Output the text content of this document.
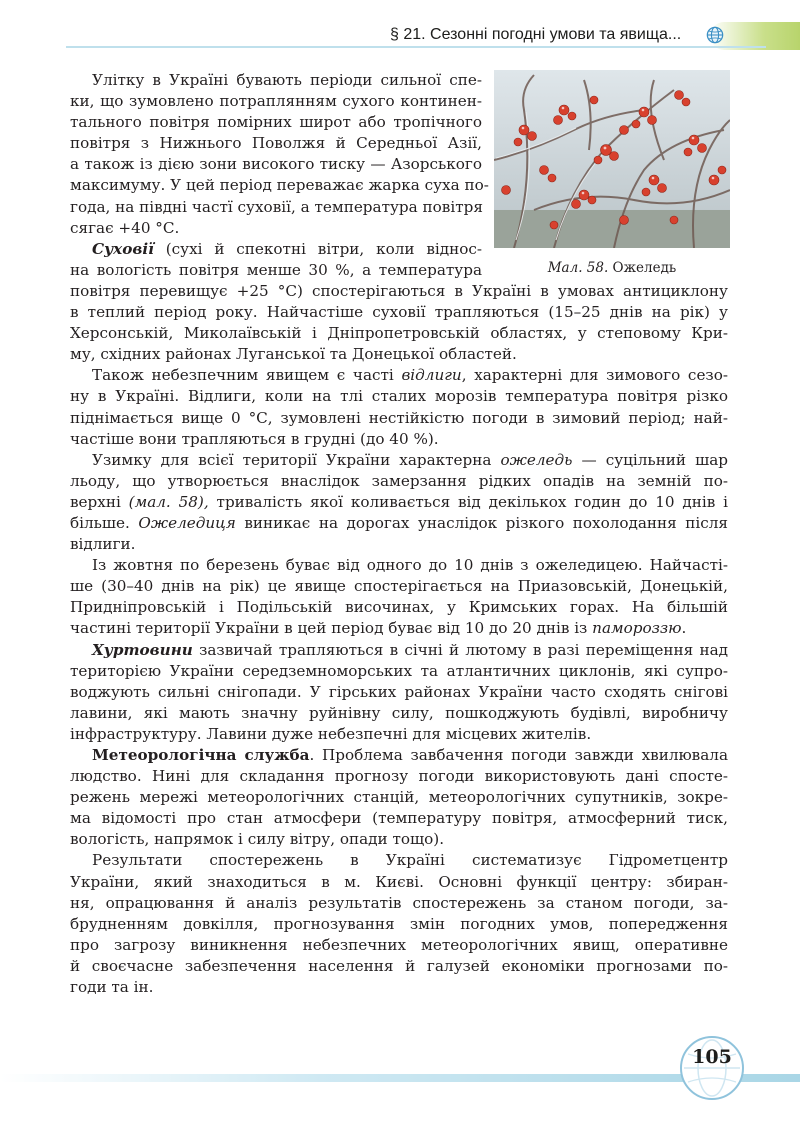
§ 21. Сезонні погодні умови та явища...
Мал. 58. Ожеледь
Улітку в Україні бувають періоди сильної спе-
ки, що зумовлено потраплянням сухого континен-
тального повітря помірних широт або тропічного
повітря з Нижнього Поволжя й Середньої Азії,
а також із дією зони високого тиску — Азорського
максимуму. У цей період переважає жарка суха по-
года, на півдні частї суховії, а температура повітря
сягає +40 °С.
Суховії (сухі й спекотні вітри, коли віднос-
на вологість повітря менше 30 %, а температура
повітря перевищує +25 °С) спостерігаються в Україні в умовах антициклону
в теплий період року. Найчастіше суховії трапляються (15–25 днів на рік) у
Херсонській, Миколаївській і Дніпропетровській областях, у степовому Кри-
му, східних районах Луганської та Донецької областей.
Також небезпечним явищем є часті відлиги, характерні для зимового сезо-
ну в Україні. Відлиги, коли на тлі сталих морозів температура повітря різко
піднімається вище 0 °С, зумовлені нестійкістю погоди в зимовий період; най-
частіше вони трапляються в грудні (до 40 %).
Узимку для всієї території України характерна ожеледь — суцільний шар
льоду, що утворюється внаслідок замерзання рідких опадів на земній по-
верхні (мал. 58), тривалість якої коливається від декількох годин до 10 днів і
більше. Ожеледиця виникає на дорогах унаслідок різкого похолодання після
відлиги.
Із жовтня по березень буває від одного до 10 днів з ожеледицею. Найчасті-
ше (30–40 днів на рік) це явище спостерігається на Приазовській, Донецькій,
Придніпровській і Подільській височинах, у Кримських горах. На більшій
частині території України в цей період буває від 10 до 20 днів із памороззю.
Хуртовини зазвичай трапляються в січні й лютому в разі переміщення над
територією України середземноморських та атлантичних циклонів, які супро-
воджують сильні снігопади. У гірських районах України часто сходять снігові
лавини, які мають значну руйнівну силу, пошкоджують будівлі, виробничу
інфраструктуру. Лавини дуже небезпечні для місцевих жителів.
Метеорологічна служба. Проблема завбачення погоди завжди хвилювала
людство. Нині для складання прогнозу погоди використовують дані спосте-
режень мережі метеорологічних станцій, метеорологічних супутників, зокре-
ма відомості про стан атмосфери (температуру повітря, атмосферний тиск,
вологість, напрямок і силу вітру, опади тощо).
Результати спостережень в Україні систематизує Гідрометцентр
України, який знаходиться в м. Києві. Основні функції центру: збиран-
ня, опрацювання й аналіз результатів спостережень за станом погоди, за-
брудненням довкілля, прогнозування змін погодних умов, попередження
про загрозу виникнення небезпечних метеорологічних явищ, оперативне
й своєчасне забезпечення населення й галузей економіки прогнозами по-
годи та ін.
105
